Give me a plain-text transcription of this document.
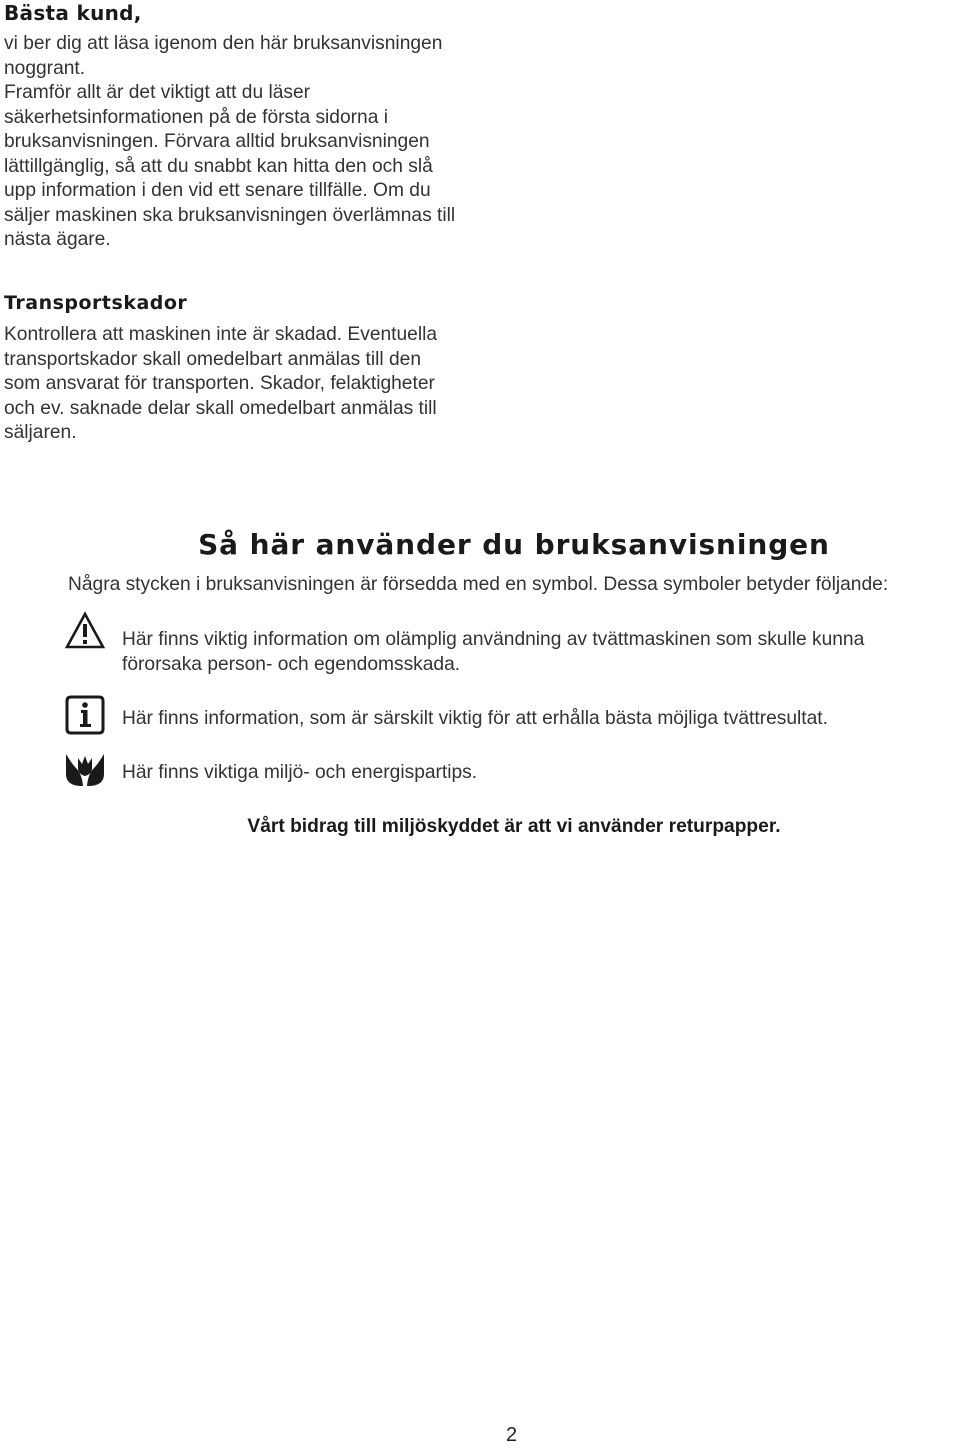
Bästa kund,

vi ber dig att läsa igenom den här bruksanvisningen

noggrant.

Framför allt är det viktigt att du läser

säkerhetsinformationen på de första sidorna i

bruksanvisningen. Förvara alltid bruksanvisningen

lättillgänglig, så att du snabbt kan hitta den och slå

upp information i den vid ett senare tillfälle. Om du

säljer maskinen ska bruksanvisningen överlämnas till

nästa ägare.

Transportskador

Kontrollera att maskinen inte är skadad. Eventuella

transportskador skall omedelbart anmälas till den

som ansvarat för transporten. Skador, felaktigheter

och ev. saknade delar skall omedelbart anmälas till

säljaren.

Så här använder du bruksanvisningen
Några stycken i bruksanvisningen är försedda med en symbol. Dessa symboler betyder följande:
Här finns viktig information om olämplig användning av tvättmaskinen som skulle kunna
förorsaka person- och egendomsskada.
Här finns information, som är särskilt viktig för att erhålla bästa möjliga tvättresultat.
Här finns viktiga miljö- och energispartips.
Vårt bidrag till miljöskyddet är att vi använder returpapper.
2
